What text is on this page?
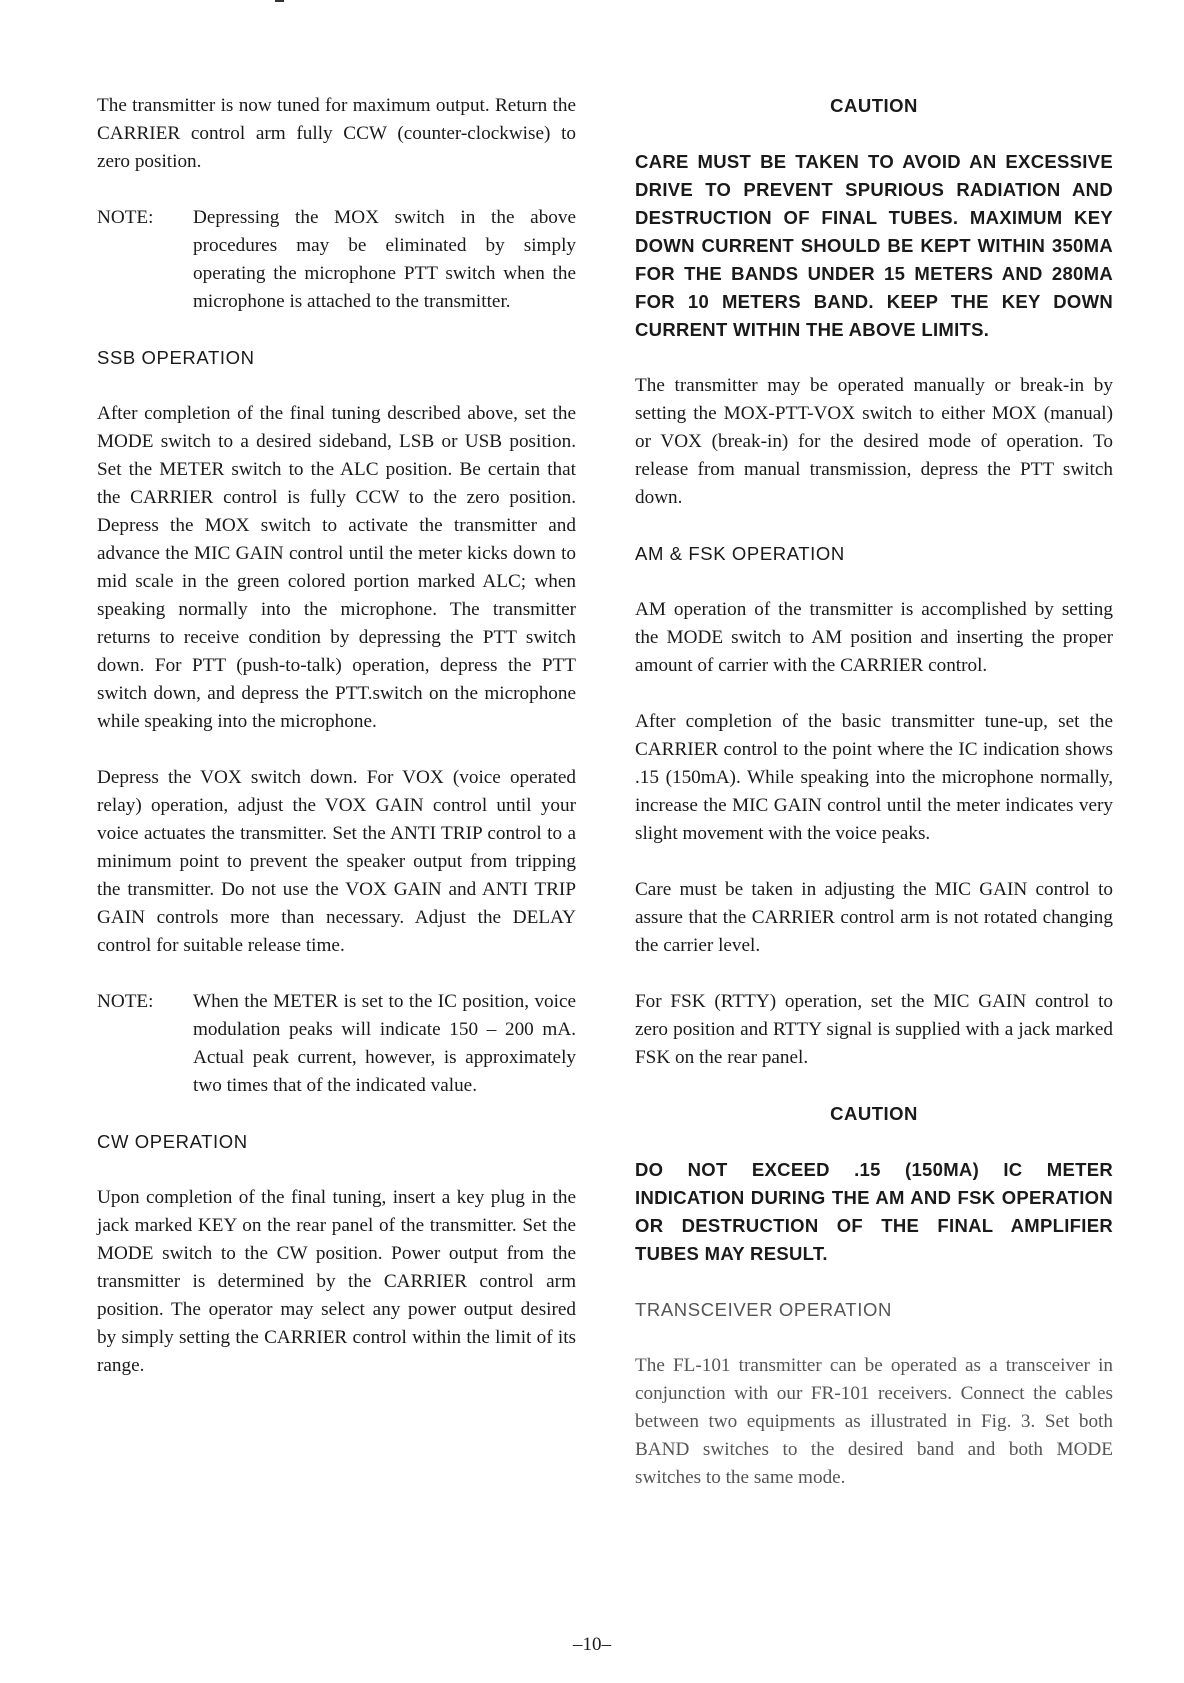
The transmitter is now tuned for maximum output. Return the CARRIER control arm fully CCW (counter-clockwise) to zero position.

NOTE:	Depressing the MOX switch in the above procedures may be eliminated by simply operating the microphone PTT switch when the microphone is attached to the transmitter.
SSB OPERATION

After completion of the final tuning described above, set the MODE switch to a desired sideband, LSB or USB position. Set the METER switch to the ALC position. Be certain that the CARRIER control is fully CCW to the zero position. Depress the MOX switch to activate the transmitter and advance the MIC GAIN control until the meter kicks down to mid scale in the green colored portion marked ALC; when speaking normally into the microphone. The transmitter returns to receive condition by depressing the PTT switch down. For PTT (push-to-talk) operation, depress the PTT switch down, and depress the PTT.switch on the microphone while speaking into the microphone.

Depress the VOX switch down. For VOX (voice operated relay) operation, adjust the VOX GAIN control until your voice actuates the transmitter. Set the ANTI TRIP control to a minimum point to prevent the speaker output from tripping the transmitter. Do not use the VOX GAIN and ANTI TRIP GAIN controls more than necessary. Adjust the DELAY control for suitable release time.

NOTE:	When the METER is set to the IC position, voice modulation peaks will indicate 150 – 200 mA. Actual peak current, however, is approximately two times that of the indicated value.
CW OPERATION

Upon completion of the final tuning, insert a key plug in the jack marked KEY on the rear panel of the transmitter. Set the MODE switch to the CW position. Power output from the transmitter is determined by the CARRIER control arm position. The operator may select any power output desired by simply setting the CARRIER control within the limit of its range.

CAUTION
CARE MUST BE TAKEN TO AVOID AN EXCESSIVE DRIVE TO PREVENT SPURIOUS RADIATION AND DESTRUCTION OF FINAL TUBES. MAXIMUM KEY DOWN CURRENT SHOULD BE KEPT WITHIN 350MA FOR THE BANDS UNDER 15 METERS AND 280MA FOR 10 METERS BAND. KEEP THE KEY DOWN CURRENT WITHIN THE ABOVE LIMITS.

The transmitter may be operated manually or break-in by setting the MOX-PTT-VOX switch to either MOX (manual) or VOX (break-in) for the desired mode of operation. To release from manual transmission, depress the PTT switch down.

AM & FSK OPERATION

AM operation of the transmitter is accomplished by setting the MODE switch to AM position and inserting the proper amount of carrier with the CARRIER control.

After completion of the basic transmitter tune-up, set the CARRIER control to the point where the IC indication shows .15 (150mA). While speaking into the microphone normally, increase the MIC GAIN control until the meter indicates very slight movement with the voice peaks.

Care must be taken in adjusting the MIC GAIN control to assure that the CARRIER control arm is not rotated changing the carrier level.

For FSK (RTTY) operation, set the MIC GAIN control to zero position and RTTY signal is supplied with a jack marked FSK on the rear panel.

CAUTION
DO NOT EXCEED .15 (150MA) IC METER INDICATION DURING THE AM AND FSK OPERATION OR DESTRUCTION OF THE FINAL AMPLIFIER TUBES MAY RESULT.
TRANSCEIVER OPERATION

The FL-101 transmitter can be operated as a transceiver in conjunction with our FR-101 receivers. Connect the cables between two equipments as illustrated in Fig. 3. Set both BAND switches to the desired band and both MODE switches to the same mode.

–10–
